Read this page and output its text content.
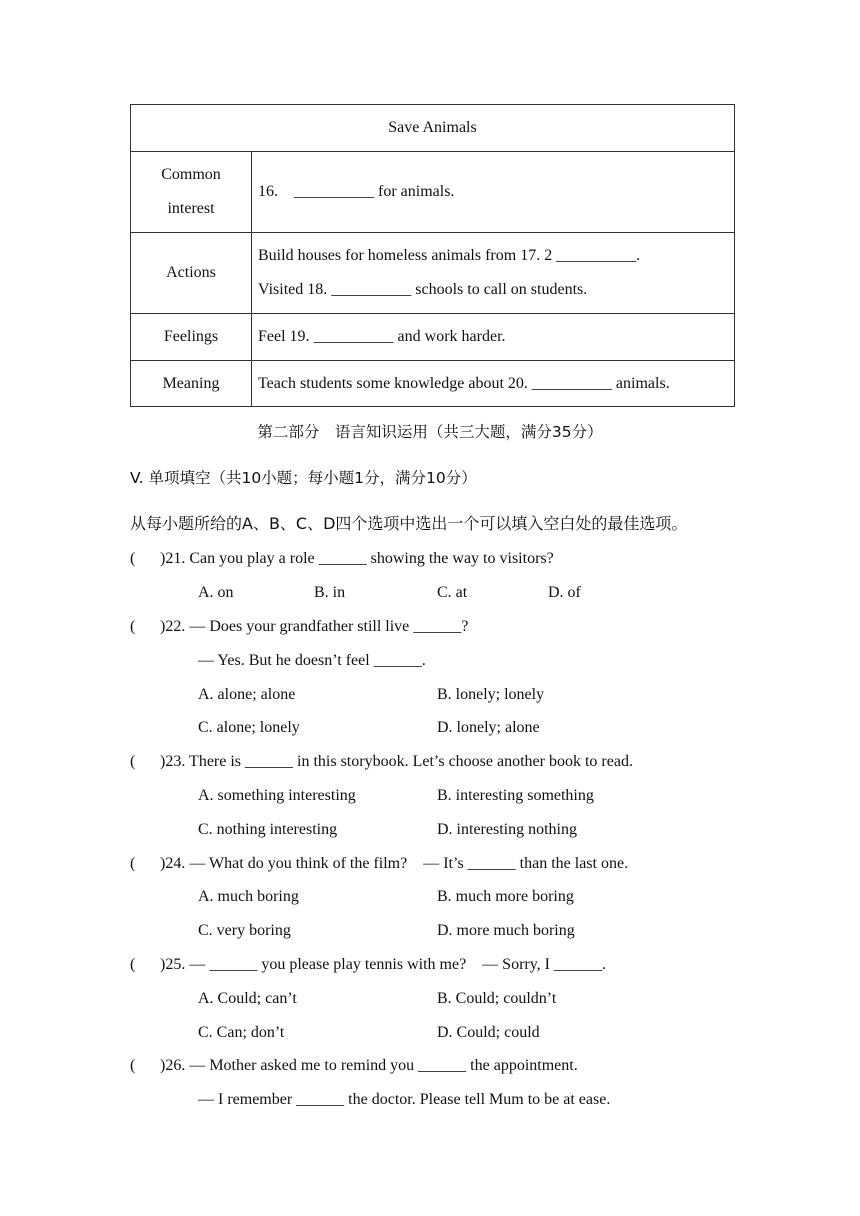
Save Animals	

Common interest	16.    __________ for animals.
Actions	Build houses for homeless animals from 17. 2 __________.
Visited 18. __________ schools to call on students.

Feelings	Feel 19. __________ and work harder.
Meaning	Teach students some knowledge about 20. __________ animals.
第二部分　语言知识运用（共三大题，满分35分）
V. 单项填空（共10小题；每小题1分，满分10分）
从每小题所给的A、B、C、D四个选项中选出一个可以填入空白处的最佳选项。
( )21. Can you play a role ______ showing the way to visitors?
A. on	B. in	C. at	D. of
( )22. — Does your grandfather still live ______?
— Yes. But he doesn’t feel ______.
A. alone; alone	B. lonely; lonely
C. alone; lonely	D. lonely; alone
( )23. There is ______ in this storybook. Let’s choose another book to read.
A. something interesting	B. interesting something
C. nothing interesting	D. interesting nothing
( )24. — What do you think of the film?    — It’s ______ than the last one.
A. much boring	B. much more boring
C. very boring	D. more much boring
( )25. — ______ you please play tennis with me?    — Sorry, I ______.
A. Could; can’t	B. Could; couldn’t
C. Can; don’t	D. Could; could
( )26. — Mother asked me to remind you ______ the appointment.
— I remember ______ the doctor. Please tell Mum to be at ease.
